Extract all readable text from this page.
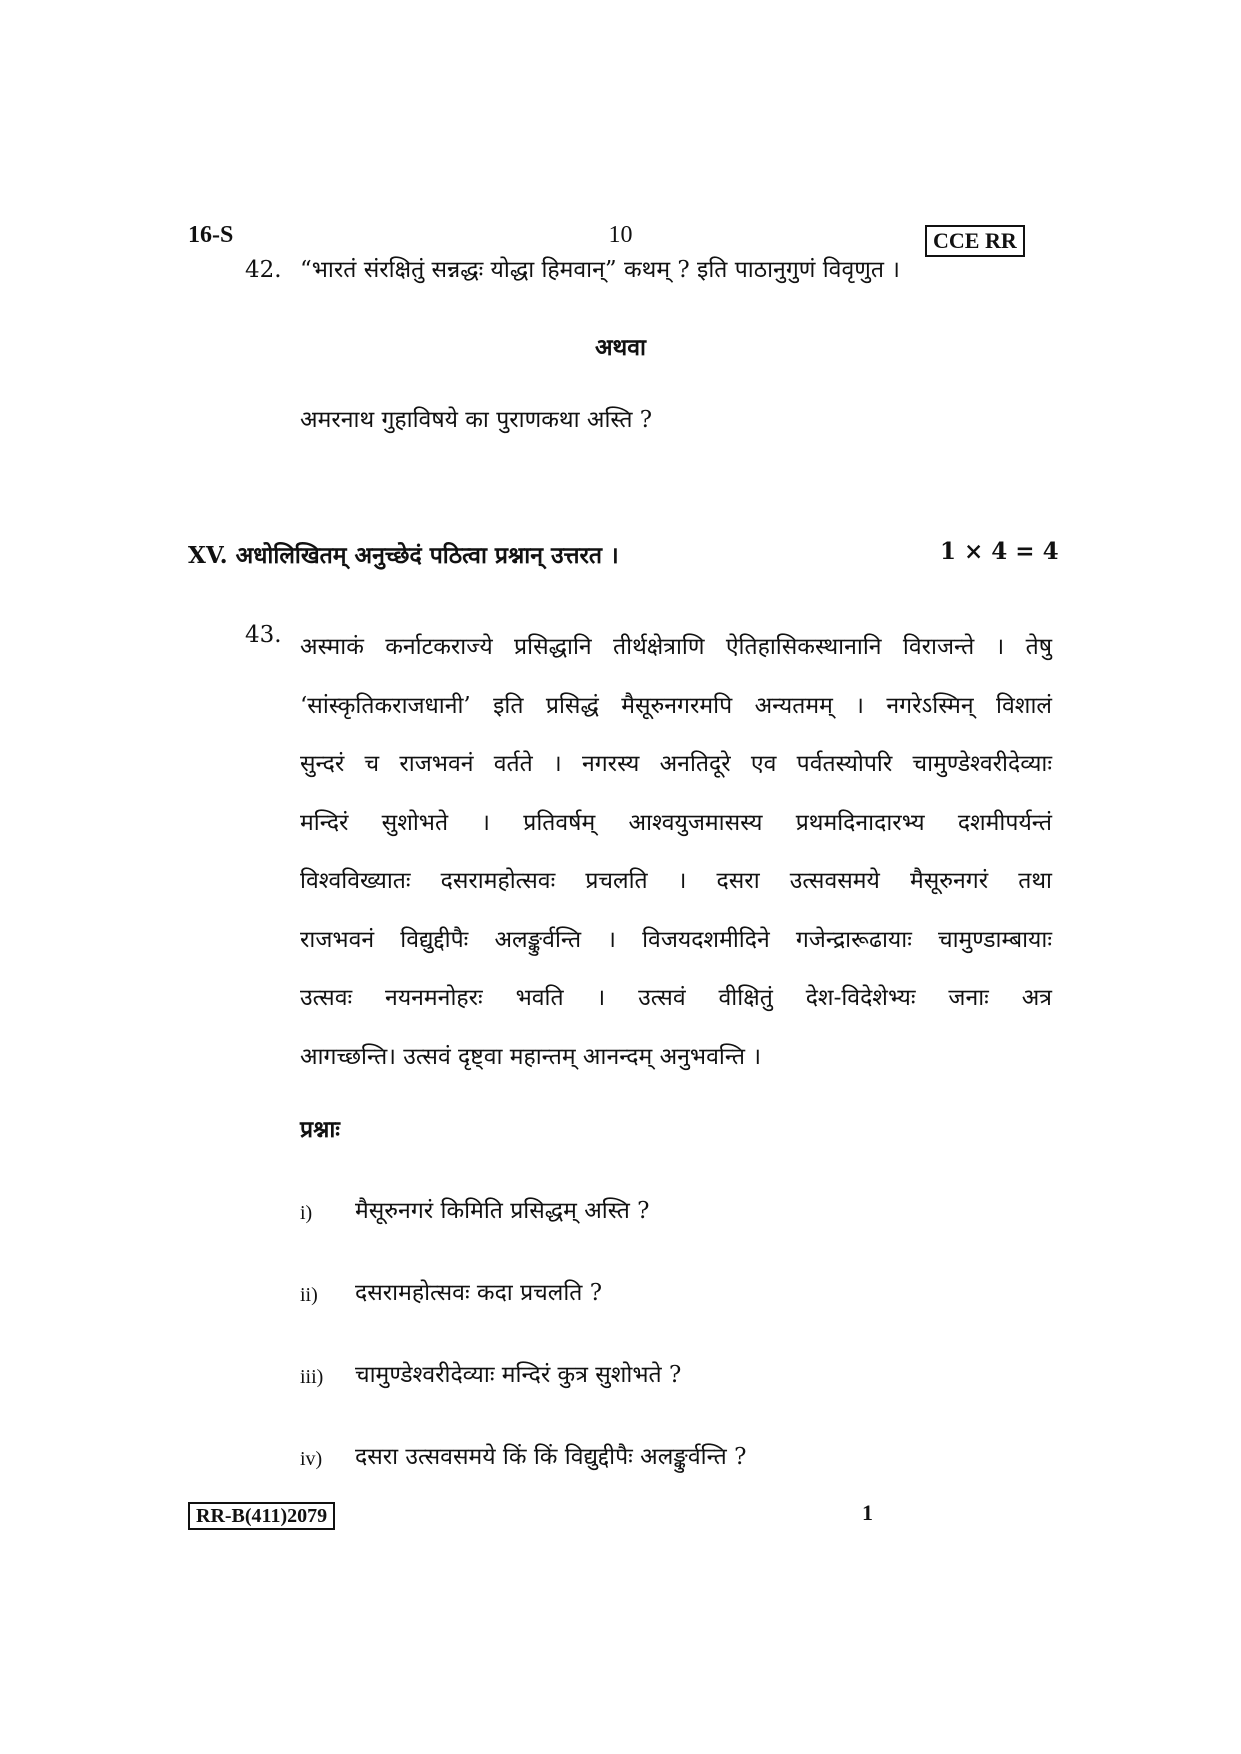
16-S	10	CCE RR
42. “भारतं संरक्षितुं सन्नद्धः योद्धा हिमवान्” कथम् ? इति पाठानुगुणं विवृणुत ।
अथवा
अमरनाथ गुहाविषये का पुराणकथा अस्ति ?
XV. अधोलिखितम् अनुच्छेदं पठित्वा प्रश्नान् उत्तरत ।	1 × 4 = 4
43. अस्माकं कर्नाटकराज्ये प्रसिद्धानि तीर्थक्षेत्राणि ऐतिहासिकस्थानानि विराजन्ते । तेषु
‘सांस्कृतिकराजधानी’ इति प्रसिद्धं मैसूरुनगरमपि अन्यतमम् । नगरेऽस्मिन् विशालं
सुन्दरं च राजभवनं वर्तते । नगरस्य अनतिदूरे एव पर्वतस्योपरि चामुण्डेश्वरीदेव्याः
मन्दिरं सुशोभते । प्रतिवर्षम् आश्वयुजमासस्य प्रथमदिनादारभ्य दशमीपर्यन्तं
विश्वविख्यातः दसरामहोत्सवः प्रचलति । दसरा उत्सवसमये मैसूरुनगरं तथा
राजभवनं विद्युद्दीपैः अलङ्कुर्वन्ति । विजयदशमीदिने गजेन्द्रारूढायाः चामुण्डाम्बायाः
उत्सवः नयनमनोहरः भवति । उत्सवं वीक्षितुं देश-विदेशेभ्यः जनाः अत्र
आगच्छन्ति। उत्सवं दृष्ट्वा महान्तम् आनन्दम् अनुभवन्ति ।
प्रश्नाः
i) मैसूरुनगरं किमिति प्रसिद्धम् अस्ति ?
ii) दसरामहोत्सवः कदा प्रचलति ?
iii) चामुण्डेश्वरीदेव्याः मन्दिरं कुत्र सुशोभते ?
iv) दसरा उत्सवसमये किं किं विद्युद्दीपैः अलङ्कुर्वन्ति ?
RR-B(411)2079	1
